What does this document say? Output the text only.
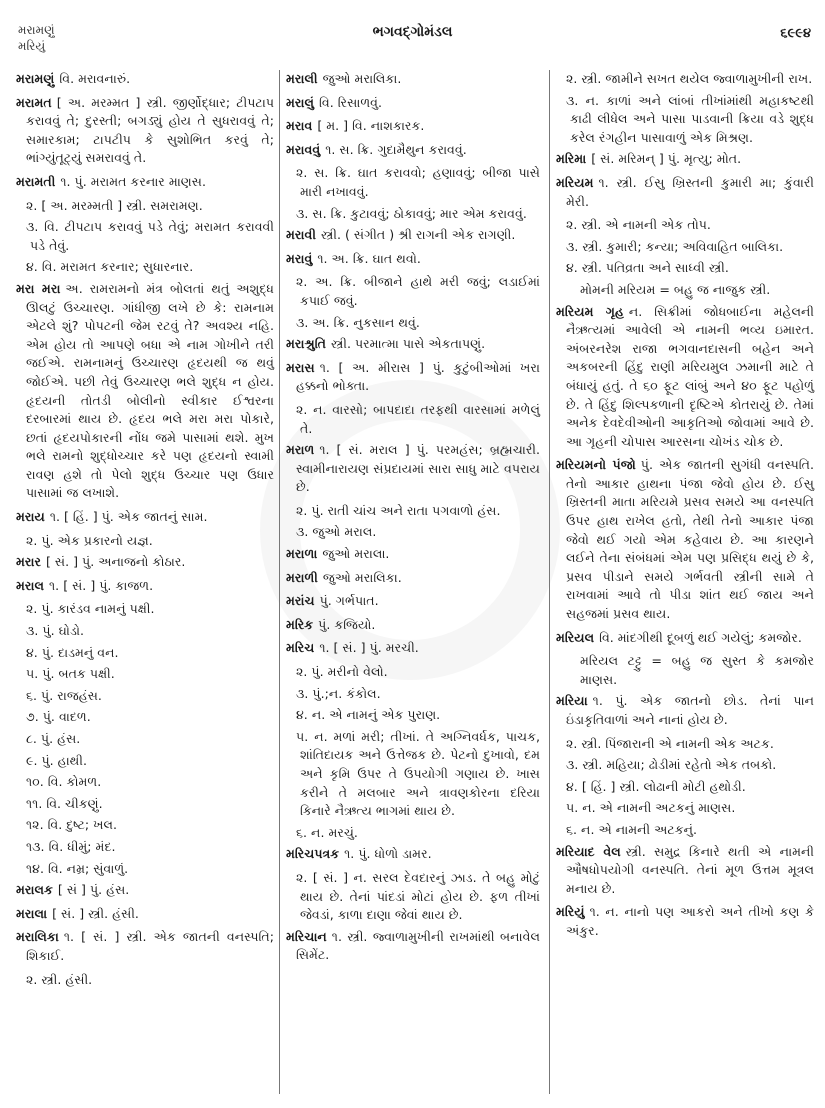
મરામણું
મરિયું
ભગવદ્ગોમંડલ	૬૯૯૪
મરામણું વિ. મરાવનારું.
મરામત [ અ. મરમ્મત ] સ્ત્રી. જીર્ણોદ્ધાર; ટીપટાપ કરાવવું તે; દુરસ્તી; બગડ્યું હોય તે સુધરાવવું તે; સમારકામ; ટાપટીપ કે સુશોભિત કરવું તે; ભાંગ્યુંતૂટ્યું સમરાવવું તે.
મરામતી ૧. પું. મરામત કરનાર માણસ.
૨. [ અ. મરમ્મતી ] સ્ત્રી. સમરામણ.
૩. વિ. ટીપટાપ કરાવવું પડે તેવું; મરામત કરાવવી પડે તેવું.
૪. વિ. મરામત કરનાર; સુધારનાર.
મરા મરા અ. રામરામનો મંત્ર બોલતાં થતું અશુદ્ધ ઊલટું ઉચ્ચારણ. ગાંધીજી લખે છે કે: રામનામ એટલે શું? પોપટની જેમ રટવું તે? અવશ્ય નહિ. એમ હોય તો આપણે બધા એ નામ ગોખીને તરી જઈએ. રામનામનું ઉચ્ચારણ હૃદયથી જ થવું જોઈએ. પછી તેવું ઉચ્ચારણ ભલે શુદ્ધ ન હોય. હૃદયની તોતડી બોલીનો સ્વીકાર ઈશ્વરના દરબારમાં થાય છે. હૃદય ભલે મરા મરા પોકારે, છતાં હૃદયપોકારની નોંધ જમે પાસામાં થશે. મુખ ભલે રામનો શુદ્ધોચ્ચાર કરે પણ હૃદયનો સ્વામી રાવણ હશે તો પેલો શુદ્ધ ઉચ્ચાર પણ ઉધાર પાસામાં જ લખાશે.
મરાય ૧. [ હિં. ] પું. એક જાતનું સામ.
૨. પું. એક પ્રકારનો યજ્ઞ.
મરાર [ સં. ] પું. અનાજનો કોઠાર.
મરાલ ૧. [ સં. ] પું. કાજળ.
૨. પું. કારંડવ નામનું પક્ષી.
૩. પું. ઘોડો.
૪. પું. દાડમનું વન.
૫. પું. બતક પક્ષી.
૬. પું. રાજહંસ.
૭. પું. વાદળ.
૮. પું. હંસ.
૯. પું. હાથી.
૧૦. વિ. કોમળ.
૧૧. વિ. ચીકણું.
૧૨. વિ. દુષ્ટ; ખલ.
૧૩. વિ. ધીમું; મંદ.
૧૪. વિ. નમ્ર; સુંવાળું.
મરાલક [ સં ] પું. હંસ.
મરાલા [ સં. ] સ્ત્રી. હંસી.
મરાલિકા ૧. [ સં. ] સ્ત્રી. એક જાતની વનસ્પતિ; શિકાઈ.
૨. સ્ત્રી. હંસી.
મરાલી જુઓ મરાલિકા.
મરાલું વિ. રિસાળવું.
મરાવ [ મ. ] વિ. નાશકારક.
મરાવવું ૧. સ. ક્રિ. ગુદામૈથુન કરાવવું.
૨. સ. ક્રિ. ઘાત કરાવવો; હણાવવું; બીજા પાસે મારી નખાવવું.
૩. સ. ક્રિ. કુટાવવું; ઠોકાવવું; માર એમ કરાવવું.
મરાવી સ્ત્રી. ( સંગીત ) શ્રી રાગની એક રાગણી.
મરાવું ૧. અ. ક્રિ. ઘાત થવો.
૨. અ. ક્રિ. બીજાને હાથે મરી જવું; લડાઈમાં કપાઈ જવું.
૩. અ. ક્રિ. નુકસાન થવું.
મરાશ્રુતિ સ્ત્રી. પરમાત્મા પાસે એકતાપણું.
મરાસ ૧. [ અ. મીરાસ ] પું. કુટુંબીઓમાં ખરા હક્કનો ભોક્તા.
૨. ન. વારસો; બાપદાદા તરફથી વારસામાં મળેલું તે.
મરાળ ૧. [ સં. મરાલ ] પું. પરમહંસ; બ્રહ્મચારી. સ્વામીનારાયણ સંપ્રદાયમાં સારા સાધુ માટે વપરાય છે.
૨. પું. રાતી ચાંચ અને રાતા પગવાળો હંસ.
૩. જુઓ મરાલ.
મરાળા જુઓ મરાલા.
મરાળી જુઓ મરાલિકા.
મરાંચ પું. ગર્ભપાત.
મરિક પું. કજિયો.
મરિચ ૧. [ સં. ] પું. મરચી.
૨. પું. મરીનો વેલો.
૩. પું.;ન. કંકોલ.
૪. ન. એ નામનું એક પુરાણ.
૫. ન. મળાં મરી; તીખાં. તે અગ્નિવર્ધક, પાચક, શાંતિદાયક અને ઉત્તેજક છે. પેટનો દુખાવો, દમ અને કૃમિ ઉપર તે ઉપયોગી ગણાય છે. ખાસ કરીને તે મલબાર અને ત્રાવણકોરના દરિયા કિનારે નૈઋત્ય ભાગમાં થાય છે.
૬. ન. મરચું.
મરિચપત્રક ૧. પું. ધોળો ડામર.
૨. [ સં. ] ન. સરલ દેવદારનું ઝાડ. તે બહુ મોટું થાય છે. તેનાં પાંદડાં મોટાં હોય છે. ફળ તીખાં જેવડાં, કાળા દાણા જેવાં થાય છે.
મરિચાન ૧. સ્ત્રી. જ્વાળામુખીની રાખમાંથી બનાવેલ સિમેંટ.
૨. સ્ત્રી. જામીને સખત થયેલ જ્વાળામુખીની રાખ.
૩. ન. કાળાં અને લાંબાં તીખાંમાંથી મહાકષ્ટથી કાઢી લીધેલ અને પાસા પાડવાની ક્રિયા વડે શુદ્ધ કરેલ રંગહીન પાસાવાળું એક મિશ્રણ.
મરિમા [ સં. મરિમન્ ] પું. મૃત્યુ; મોત.
મરિયમ ૧. સ્ત્રી. ઈસુ ખ્રિસ્તની કુમારી મા; કુંવારી મેરી.
૨. સ્ત્રી. એ નામની એક તોપ.
૩. સ્ત્રી. કુમારી; કન્યા; અવિવાહિત બાલિકા.
૪. સ્ત્રી. પતિવ્રતા અને સાધ્વી સ્ત્રી.
મોમની મરિયમ = બહુ જ નાજુક સ્ત્રી.
મરિયમ ગૃહ ન. સિક્રીમાં જોધબાઈના મહેલની નૈઋત્યમાં આવેલી એ નામની ભવ્ય ઇમારત. અંબરનરેશ રાજા ભગવાનદાસની બહેન અને અકબરની હિંદુ રાણી મરિયમુલ ઝમાની માટે તે બંધાયું હતું. તે ૬૦ ફૂટ લાંબું અને ૪૦ ફૂટ પહોળું છે. તે હિંદુ શિલ્પકળાની દૃષ્ટિએ કોતરાયું છે. તેમાં અનેક દેવદેવીઓની આકૃતિઓ જોવામાં આવે છે. આ ગૃહની ચોપાસ આરસના ચોખંડ ચોક છે.
મરિયમનો પંજો પું. એક જાતની સુગંધી વનસ્પતિ. તેનો આકાર હાથના પંજા જેવો હોય છે. ઈસુ ખ્રિસ્તની માતા મરિયમે પ્રસવ સમયે આ વનસ્પતિ ઉપર હાથ રાખેલ હતો, તેથી તેનો આકાર પંજા જેવો થઈ ગયો એમ કહેવાય છે. આ કારણને લઈને તેના સંબંધમાં એમ પણ પ્રસિદ્ધ થયું છે કે, પ્રસવ પીડાને સમયે ગર્ભવતી સ્ત્રીની સામે તે રાખવામાં આવે તો પીડા શાંત થઈ જાય અને સહજમાં પ્રસવ થાય.
મરિયલ વિ. માંદગીથી દૂબળું થઈ ગયેલું; કમજોર.
મરિયલ ટટ્ટુ = બહુ જ સુસ્ત કે કમજોર માણસ.
મરિયા ૧. પું. એક જાતનો છોડ. તેનાં પાન ઇંડાકૃતિવાળાં અને નાનાં હોય છે.
૨. સ્ત્રી. પિંજારાની એ નામની એક અટક.
૩. સ્ત્રી. મહિયા; ઢોડીમાં રહેતો એક તબકો.
૪. [ હિં. ] સ્ત્રી. લોઢાની મોટી હથોડી.
૫. ન. એ નામની અટકનું માણસ.
૬. ન. એ નામની અટકનું.
મરિયાદ વેલ સ્ત્રી. સમુદ્ર કિનારે થતી એ નામની ઔષધોપયોગી વનસ્પતિ. તેનાં મૂળ ઉત્તમ મૂત્રલ મનાય છે.
મરિયું ૧. ન. નાનો પણ આકરો અને તીખો કણ કે અંકુર.
